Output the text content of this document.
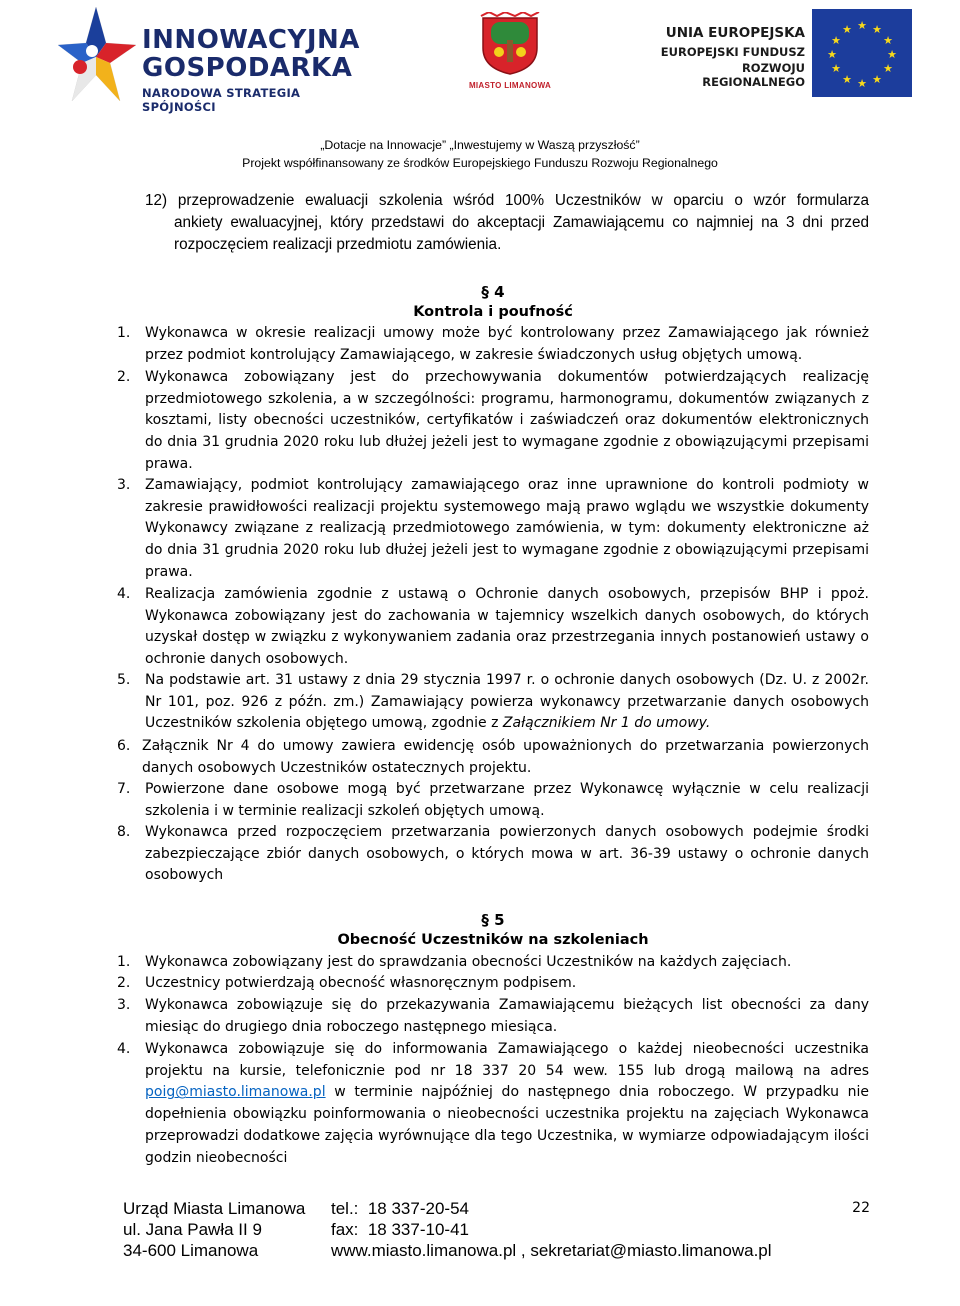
INNOWACYJNA
GOSPODARKA
NARODOWA STRATEGIA SPÓJNOŚCI
MIASTO LIMANOWA
UNIA EUROPEJSKA
EUROPEJSKI FUNDUSZ
ROZWOJU REGIONALNEGO
★ ★
★
★
★
★
★
★
★
★
★
★
„Dotacje na Innowacje” „Inwestujemy w Waszą przyszłość”
Projekt współfinansowany ze środków Europejskiego Funduszu Rozwoju Regionalnego
12) przeprowadzenie ewaluacji szkolenia wśród 100% Uczestników w oparciu o wzór formularza
ankiety ewaluacyjnej, który przedstawi do akceptacji Zamawiającemu co najmniej na 3 dni przed
rozpoczęciem realizacji przedmiotu zamówienia.
§ 4
Kontrola i poufność
1. Wykonawca w okresie realizacji umowy może być kontrolowany przez Zamawiającego jak również przez podmiot kontrolujący Zamawiającego, w zakresie świadczonych usług objętych umową.
2. Wykonawca zobowiązany jest do przechowywania dokumentów potwierdzających realizację przedmiotowego szkolenia, a w szczególności: programu, harmonogramu, dokumentów związanych z kosztami, listy obecności uczestników, certyfikatów i zaświadczeń oraz dokumentów elektronicznych do dnia 31 grudnia 2020 roku lub dłużej jeżeli jest to wymagane zgodnie z obowiązującymi przepisami prawa.
3. Zamawiający, podmiot kontrolujący zamawiającego oraz inne uprawnione do kontroli podmioty w zakresie prawidłowości realizacji projektu systemowego mają prawo wglądu we wszystkie dokumenty Wykonawcy związane z realizacją przedmiotowego zamówienia, w tym: dokumenty elektroniczne aż do dnia 31 grudnia 2020 roku lub dłużej jeżeli jest to wymagane zgodnie z obowiązującymi przepisami prawa.
4. Realizacja zamówienia zgodnie z ustawą o Ochronie danych osobowych, przepisów BHP i ppoż. Wykonawca zobowiązany jest do zachowania w tajemnicy wszelkich danych osobowych, do których uzyskał dostęp w związku z wykonywaniem zadania oraz przestrzegania innych postanowień ustawy o ochronie danych osobowych.
5. Na podstawie art. 31 ustawy z dnia 29 stycznia 1997 r. o ochronie danych osobowych (Dz. U. z 2002r. Nr 101, poz. 926 z późn. zm.) Zamawiający powierza wykonawcy przetwarzanie danych osobowych Uczestników szkolenia objętego umową, zgodnie z Załącznikiem Nr 1 do umowy.
6. Załącznik Nr 4 do umowy zawiera ewidencję osób upoważnionych do przetwarzania powierzonych danych osobowych Uczestników ostatecznych projektu.
7. Powierzone dane osobowe mogą być przetwarzane przez Wykonawcę wyłącznie w celu realizacji szkolenia i w terminie realizacji szkoleń objętych umową.
8. Wykonawca przed rozpoczęciem przetwarzania powierzonych danych osobowych podejmie środki zabezpieczające zbiór danych osobowych, o których mowa w art. 36-39 ustawy o ochronie danych osobowych
§ 5
Obecność Uczestników na szkoleniach
1. Wykonawca zobowiązany jest do sprawdzania obecności Uczestników na każdych zajęciach.
2. Uczestnicy potwierdzają obecność własnoręcznym podpisem.
3. Wykonawca zobowiązuje się do przekazywania Zamawiającemu bieżących list obecności za dany miesiąc do drugiego dnia roboczego następnego miesiąca.
4. Wykonawca zobowiązuje się do informowania Zamawiającego o każdej nieobecności uczestnika projektu na kursie, telefonicznie pod nr 18 337 20 54 wew. 155 lub drogą mailową na adres poig@miasto.limanowa.pl w terminie najpóźniej do następnego dnia roboczego. W przypadku nie dopełnienia obowiązku poinformowania o nieobecności uczestnika projektu na zajęciach Wykonawca przeprowadzi dodatkowe zajęcia wyrównujące dla tego Uczestnika, w wymiarze odpowiadającym ilości godzin nieobecności
Urząd Miasta Limanowa
ul. Jana Pawła II 9
34-600 Limanowa
tel.:  18 337-20-54
fax:  18 337-10-41
www.miasto.limanowa.pl , sekretariat@miasto.limanowa.pl
22
